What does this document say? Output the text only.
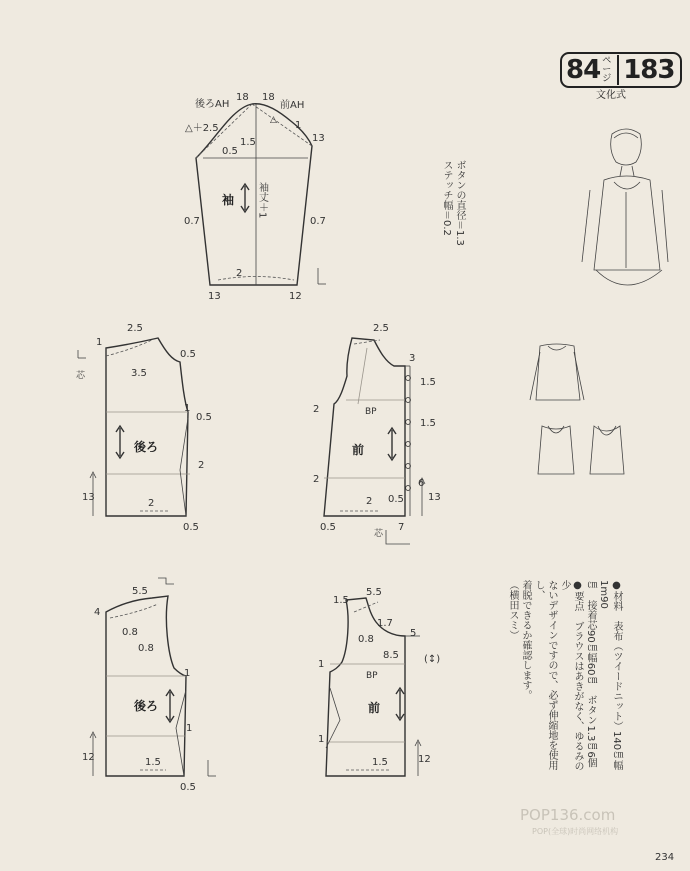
後ろAH	前AH
18 18
△＋2.5
△ 1
13
0.5
1.5
袖 袖丈＋1
0.7	0.7
2
13	12
2.5
1
3.5
0.5
1
0.5
後ろ
2
13
2
0.5
芯
2.5
3
1.5
1.5
2	BP
前
2	6
0.5
2	13
0.5	7
芯
5.5
4
0.8
0.8
後ろ
1
1
12	1.5
0.5
1.5
5.5
1.7
0.8
8.5
5
(↕)
1
BP
前
1
12
1.5
84 ページ 183
文化式
ボタンの直径＝1.3
ステッチ幅＝0.2
●材料　表布（ツイードニット）140㎝幅1m90
㎝　接着芯90㎝幅60㎝　ボタン1.3㎝6個
●要点　ブラウスはあきがなく、ゆるみの少
ないデザインですので、必ず伸縮地を使用し、
着脱できるか確認します。
（横田スミ）
POP136.com
POP(全球)时尚网络机构
234
